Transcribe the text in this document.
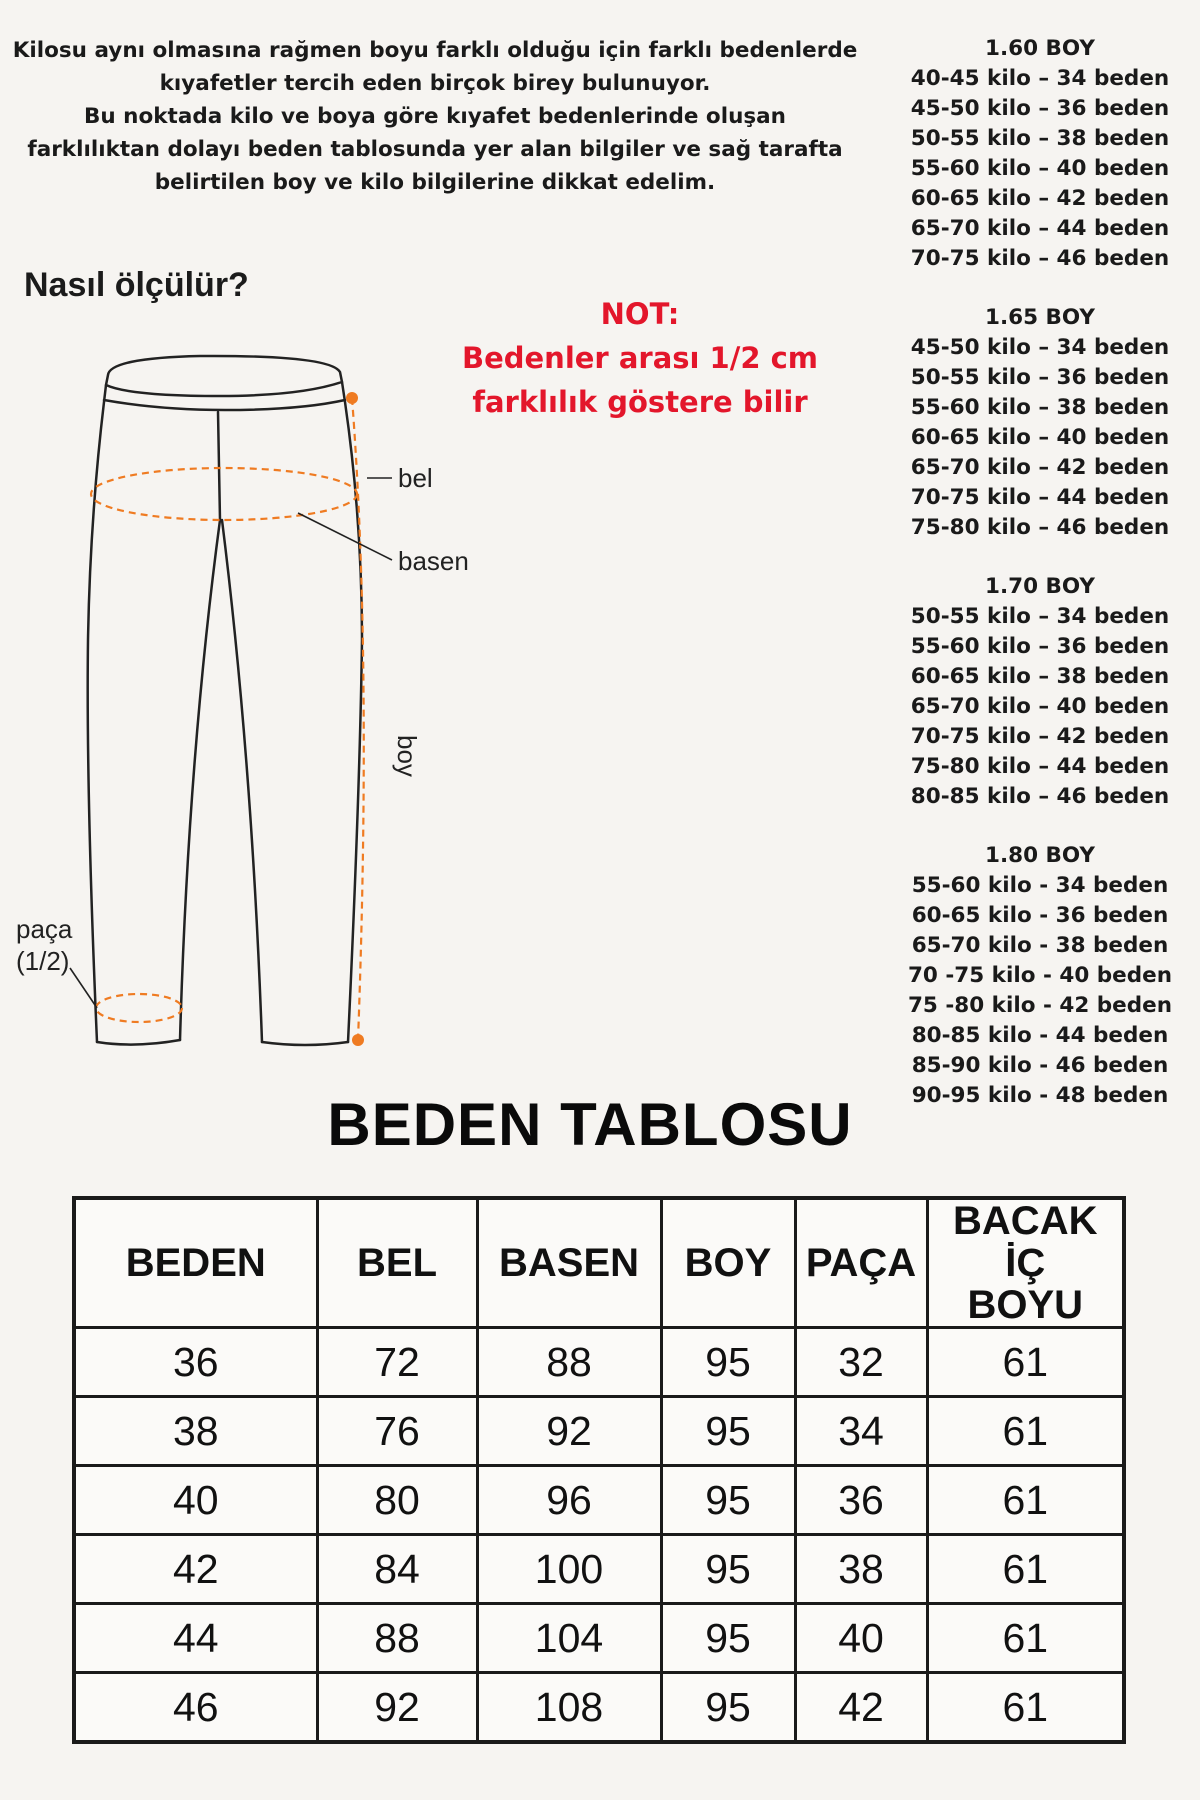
Kilosu aynı olmasına rağmen boyu farklı olduğu için farklı bedenlerde
kıyafetler tercih eden birçok birey bulunuyor.
Bu noktada kilo ve boya göre kıyafet bedenlerinde oluşan
farklılıktan dolayı beden tablosunda yer alan bilgiler ve sağ tarafta
belirtilen boy ve kilo bilgilerine dikkat edelim.
Nasıl ölçülür?
NOT:
Bedenler arası 1/2 cm
farklılık göstere bilir
bel
basen
boy
paça
(1/2)
1.60 BOY
40-45 kilo – 34 beden
45-50 kilo – 36 beden
50-55 kilo – 38 beden
55-60 kilo – 40 beden
60-65 kilo – 42 beden
65-70 kilo – 44 beden
70-75 kilo – 46 beden
1.65 BOY
45-50 kilo – 34 beden
50-55 kilo – 36 beden
55-60 kilo – 38 beden
60-65 kilo – 40 beden
65-70 kilo – 42 beden
70-75 kilo – 44 beden
75-80 kilo – 46 beden
1.70 BOY
50-55 kilo – 34 beden
55-60 kilo – 36 beden
60-65 kilo – 38 beden
65-70 kilo – 40 beden
70-75 kilo – 42 beden
75-80 kilo – 44 beden
80-85 kilo – 46 beden
1.80 BOY
55-60 kilo - 34 beden
60-65 kilo - 36 beden
65-70 kilo - 38 beden
70 -75 kilo - 40 beden
75 -80 kilo - 42 beden
80-85 kilo - 44 beden
85-90 kilo - 46 beden
90-95 kilo - 48 beden
BEDEN TABLOSU
BEDEN	BEL	BASEN	BOY	PAÇA	BACAK İÇ BOYU
36	72	88	95	32	61
38	76	92	95	34	61
40	80	96	95	36	61
42	84	100	95	38	61
44	88	104	95	40	61
46	92	108	95	42	61
